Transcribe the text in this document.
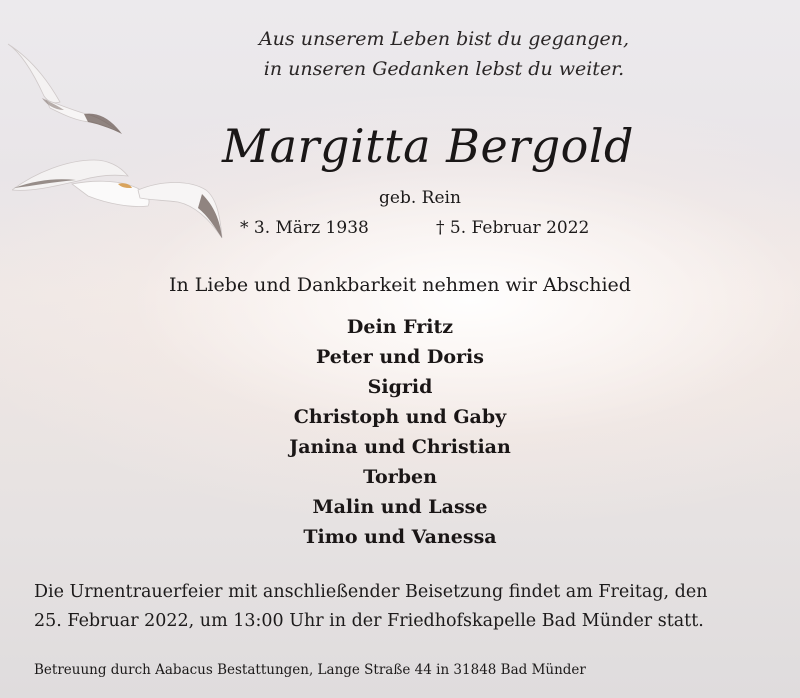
Aus unserem Leben bist du gegangen,
in unseren Gedanken lebst du weiter.
Margitta Bergold
geb. Rein
* 3. März 1938	† 5. Februar 2022
In Liebe und Dankbarkeit nehmen wir Abschied
Dein Fritz
Peter und Doris
Sigrid
Christoph und Gaby
Janina und Christian
Torben
Malin und Lasse
Timo und Vanessa
Die Urnentrauerfeier mit anschließender Beisetzung findet am Freitag, den
25. Februar 2022, um 13:00 Uhr in der Friedhofskapelle Bad Münder statt.
Betreuung durch Aabacus Bestattungen, Lange Straße 44 in 31848 Bad Münder
